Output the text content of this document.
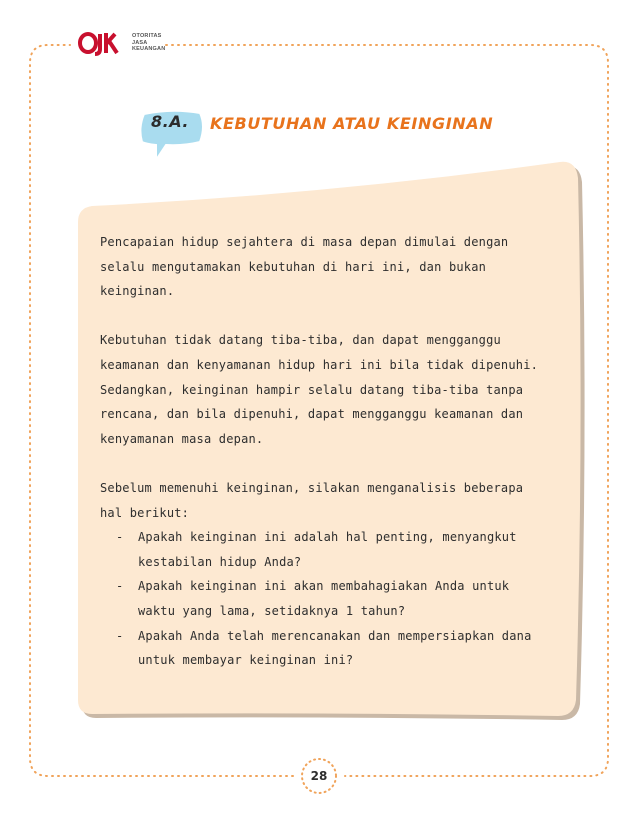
OTORITAS
JASA
KEUANGAN
8.A.	KEBUTUHAN ATAU KEINGINAN

Pencapaian hidup sejahtera di masa depan dimulai dengan selalu mengutamakan kebutuhan di hari ini, dan bukan keinginan.

Kebutuhan tidak datang tiba-tiba, dan dapat mengganggu keamanan dan kenyamanan hidup hari ini bila tidak dipenuhi. Sedangkan, keinginan hampir selalu datang tiba-tiba tanpa rencana, dan bila dipenuhi, dapat mengganggu keamanan dan kenyamanan masa depan.

Sebelum memenuhi keinginan, silakan menganalisis beberapa hal berikut:

- Apakah keinginan ini adalah hal penting, menyangkut kestabilan hidup Anda?
- Apakah keinginan ini akan membahagiakan Anda untuk waktu yang lama, setidaknya 1 tahun?
- Apakah Anda telah merencanakan dan mempersiapkan dana untuk membayar keinginan ini?
28
